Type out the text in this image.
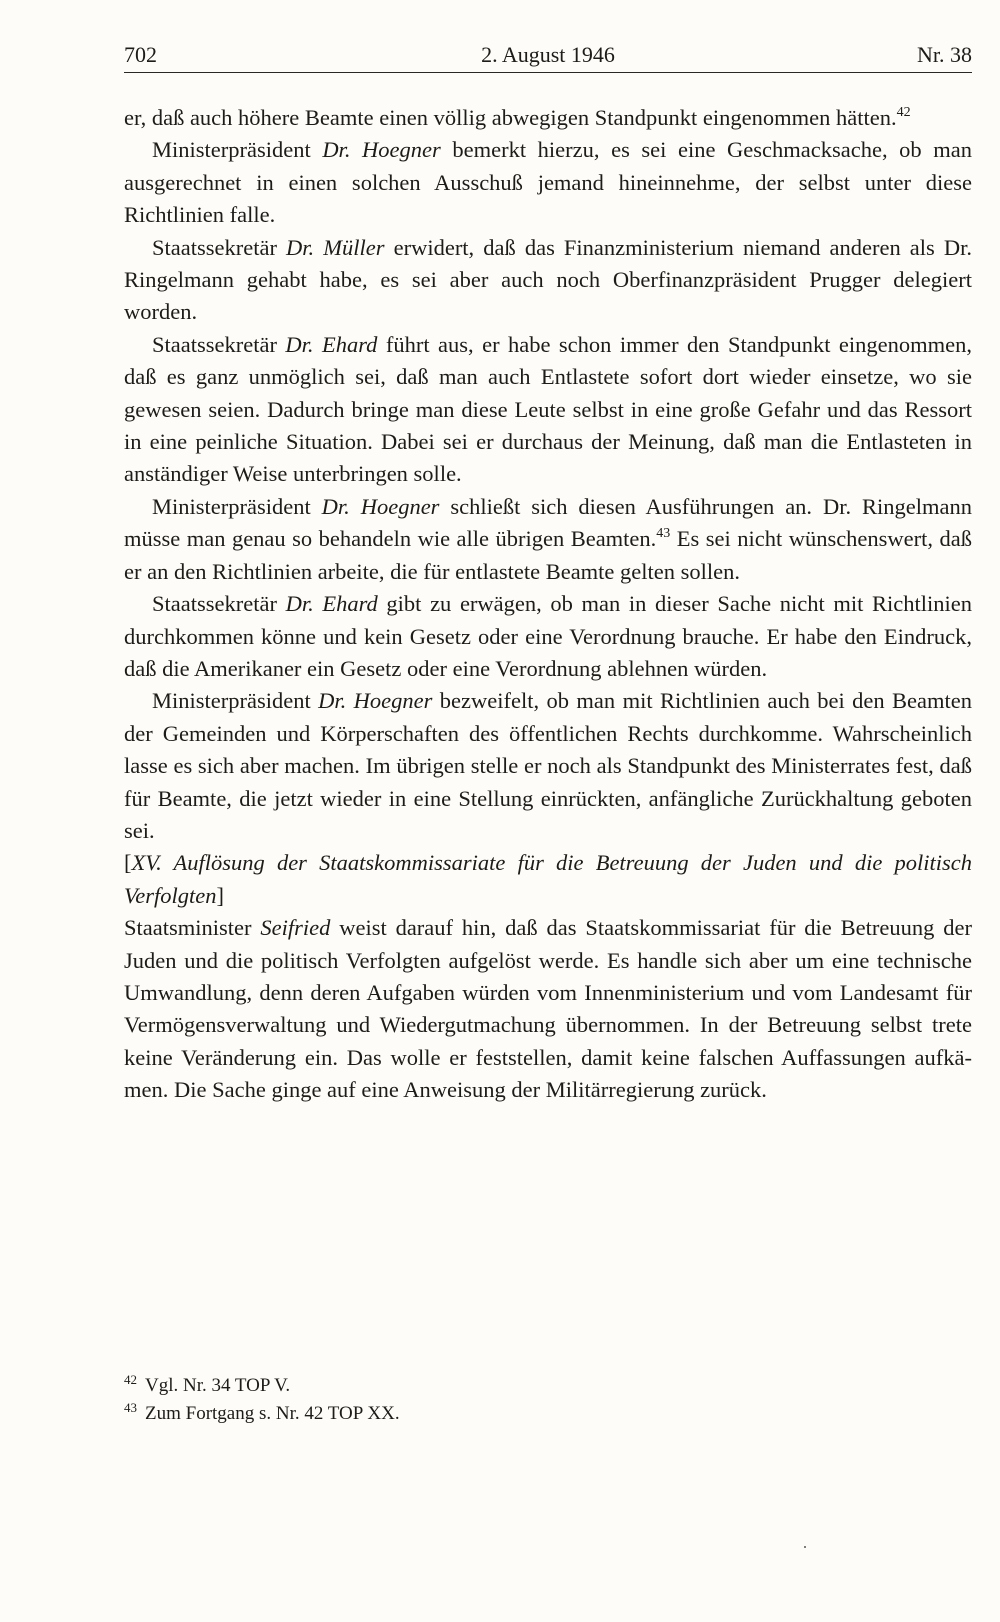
702	2. August 1946	Nr. 38

er, daß auch höhere Beamte einen völlig abwegigen Standpunkt eingenommen hätten.$^{42}$

Ministerpräsident Dr. Hoegner bemerkt hierzu, es sei eine Geschmacksache, ob man ausgerechnet in einen solchen Ausschuß jemand hineinnehme, der selbst unter diese Richtlinien falle.

Staatssekretär Dr. Müller erwidert, daß das Finanzministerium niemand anderen als Dr. Ringelmann gehabt habe, es sei aber auch noch Oberfinanzpräsident Prugger delegiert worden.

Staatssekretär Dr. Ehard führt aus, er habe schon immer den Standpunkt eingenommen, daß es ganz unmöglich sei, daß man auch Entlastete sofort dort wieder einsetze, wo sie gewesen seien. Dadurch bringe man diese Leute selbst in eine große Gefahr und das Ressort in eine peinliche Situation. Dabei sei er durchaus der Meinung, daß man die Entlasteten in anständiger Weise unterbringen solle.

Ministerpräsident Dr. Hoegner schließt sich diesen Ausführungen an. Dr. Ringelmann müsse man genau so behandeln wie alle übrigen Beamten.$^{43}$ Es sei nicht wünschenswert, daß er an den Richtlinien arbeite, die für entlastete Beamte gelten sollen.

Staatssekretär Dr. Ehard gibt zu erwägen, ob man in dieser Sache nicht mit Richtlinien durchkommen könne und kein Gesetz oder eine Verordnung brauche. Er habe den Eindruck, daß die Amerikaner ein Gesetz oder eine Verordnung ablehnen würden.

Ministerpräsident Dr. Hoegner bezweifelt, ob man mit Richtlinien auch bei den Beamten der Gemeinden und Körperschaften des öffentlichen Rechts durchkomme. Wahrscheinlich lasse es sich aber machen. Im übrigen stelle er noch als Standpunkt des Ministerrates fest, daß für Beamte, die jetzt wieder in eine Stellung einrückten, anfängliche Zurückhaltung geboten sei.

[XV. Auflösung der Staatskommissariate für die Betreuung der Juden und die politisch Verfolgten]

Staatsminister Seifried weist darauf hin, daß das Staatskommissariat für die Betreuung der Juden und die politisch Verfolgten aufgelöst werde. Es handle sich aber um eine technische Umwandlung, denn deren Aufgaben würden vom Innenministerium und vom Landesamt für Vermögensverwaltung und Wiedergutmachung übernommen. In der Betreuung selbst trete keine Veränderung ein. Das wolle er feststellen, damit keine falschen Auffassungen aufkämen. Die Sache ginge auf eine Anweisung der Militärregierung zurück.

$^{42}$ Vgl. Nr. 34 TOP V.

$^{43}$ Zum Fortgang s. Nr. 42 TOP XX.
